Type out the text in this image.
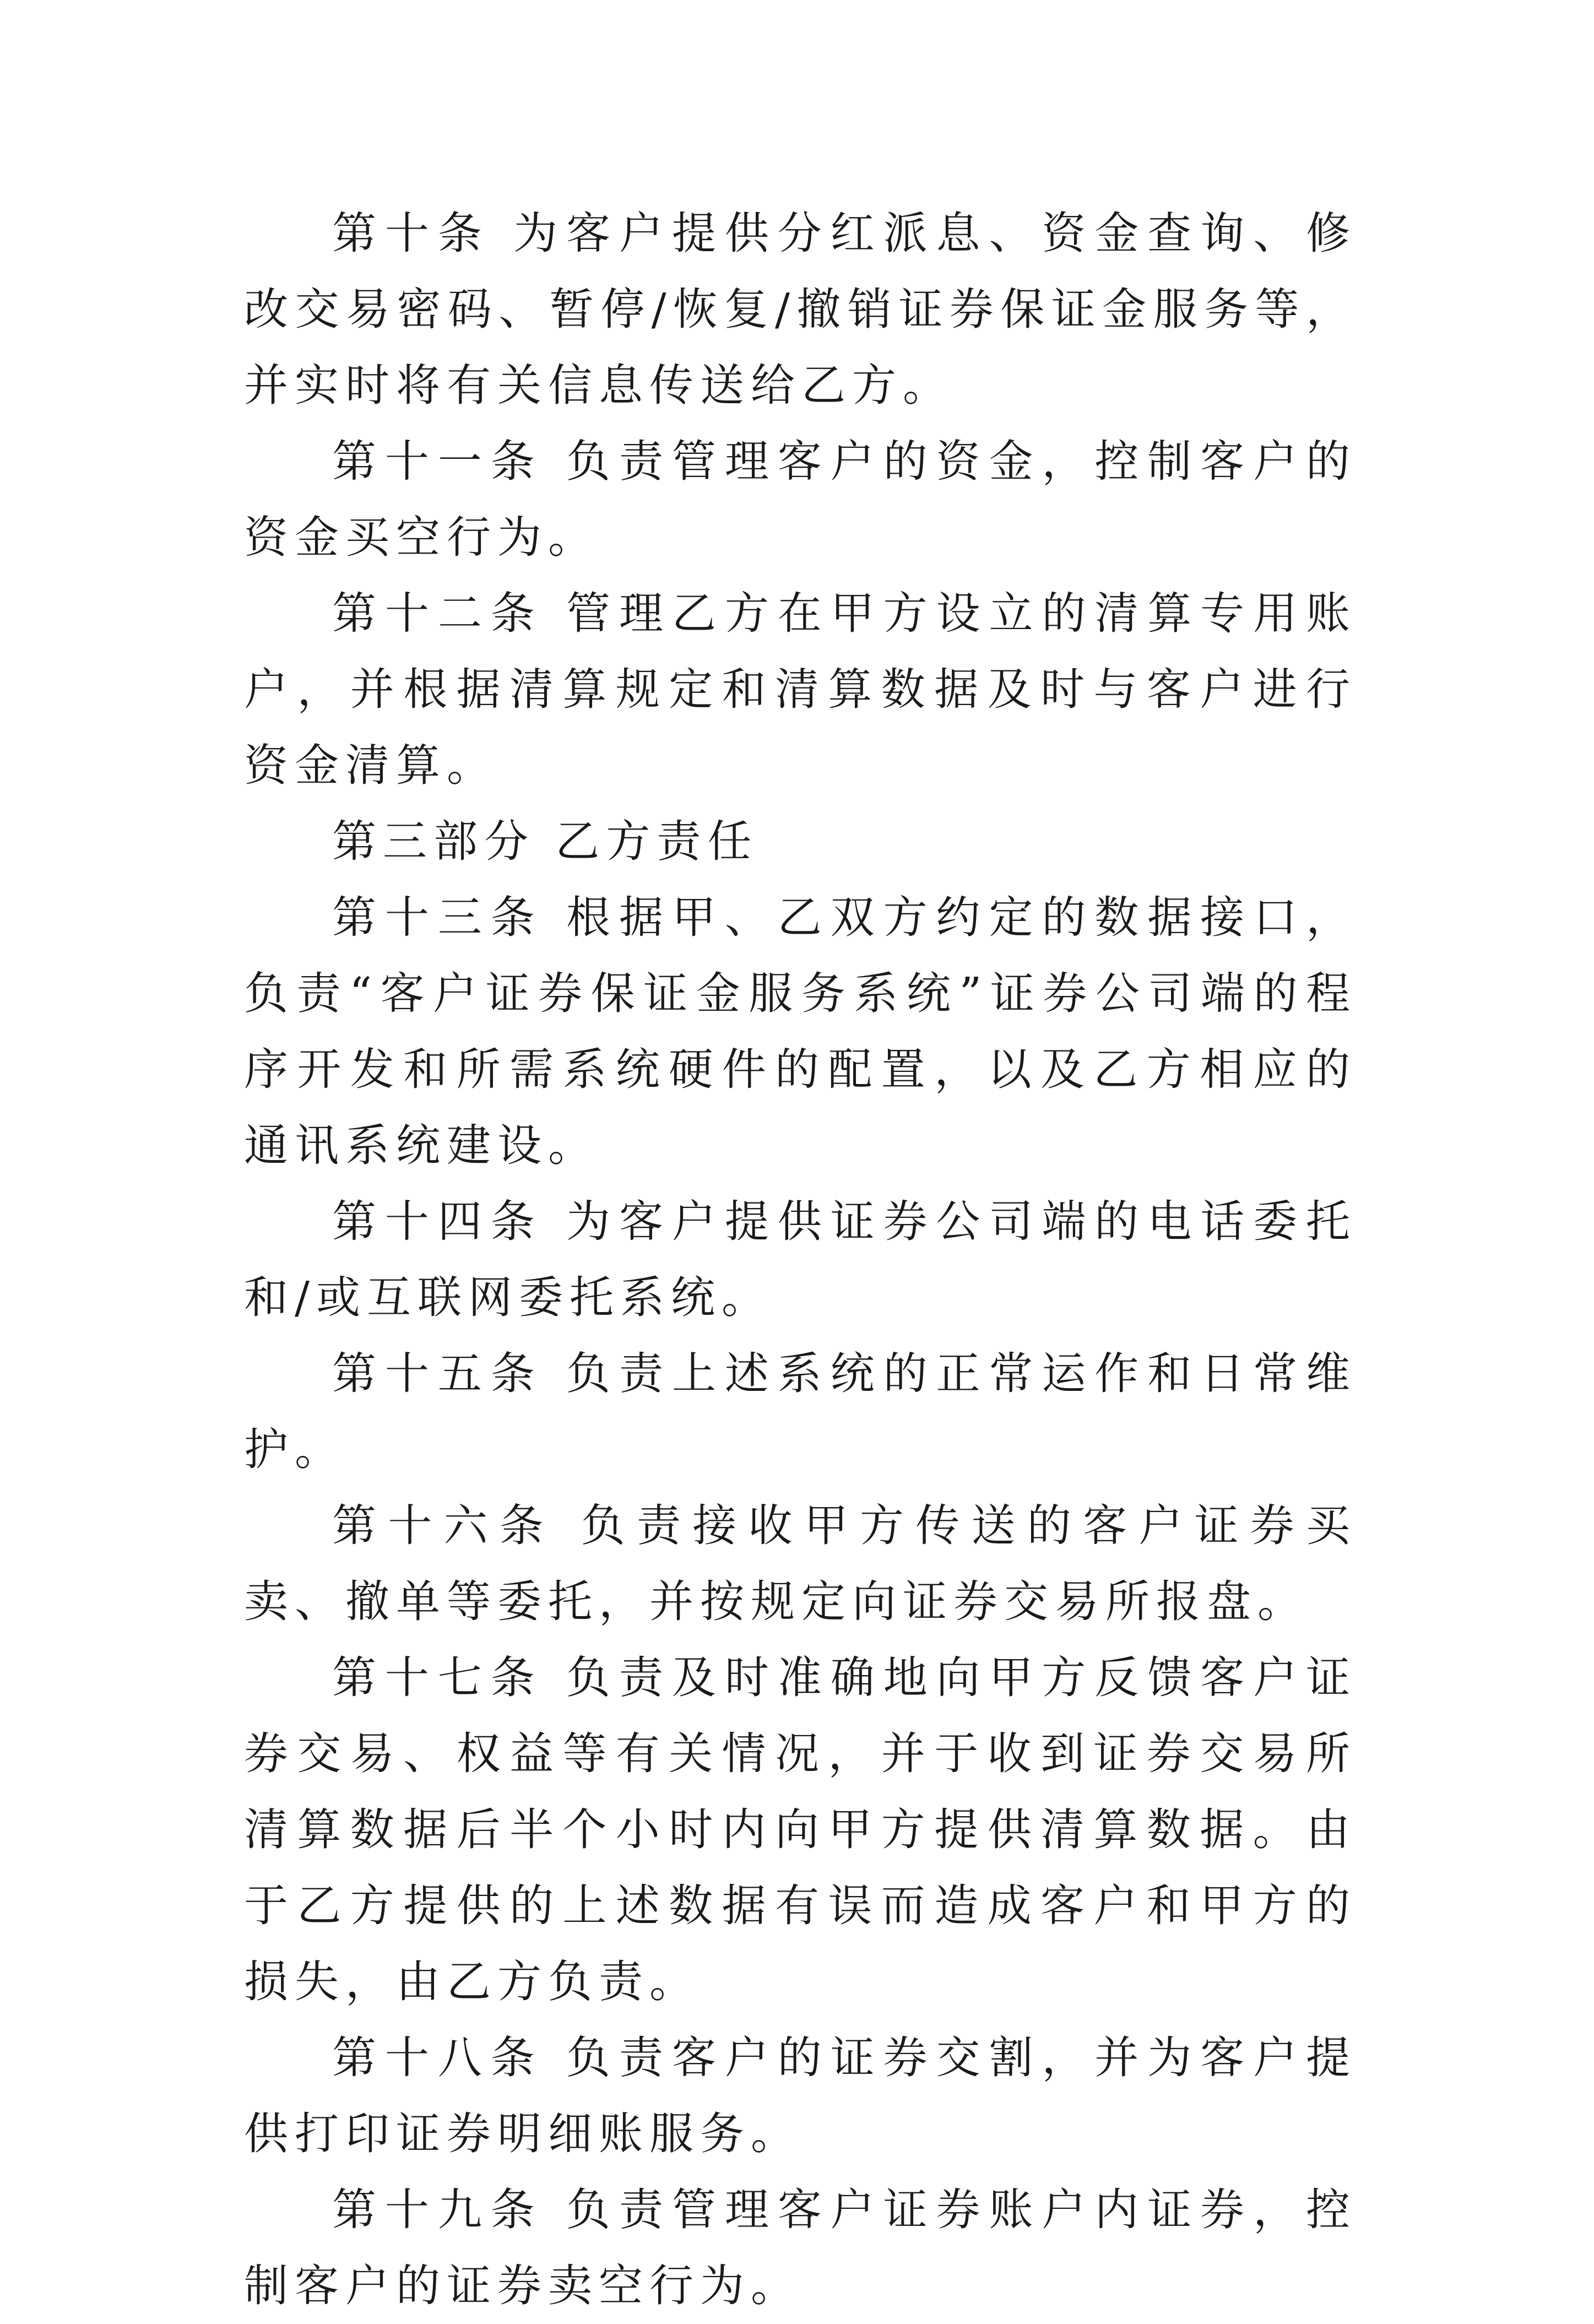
第十条 为客户提供分红派息、资金查询、修改交易密码、暂停/恢复/撤销证券保证金服务等，并实时将有关信息传送给乙方。

第十一条 负责管理客户的资金，控制客户的资金买空行为。

第十二条 管理乙方在甲方设立的清算专用账户，并根据清算规定和清算数据及时与客户进行资金清算。

第三部分 乙方责任

第十三条 根据甲、乙双方约定的数据接口，负责“客户证券保证金服务系统”证券公司端的程序开发和所需系统硬件的配置，以及乙方相应的通讯系统建设。

第十四条 为客户提供证券公司端的电话委托和/或互联网委托系统。

第十五条 负责上述系统的正常运作和日常维护。

第十六条 负责接收甲方传送的客户证券买卖、撤单等委托，并按规定向证券交易所报盘。

第十七条 负责及时准确地向甲方反馈客户证券交易、权益等有关情况，并于收到证券交易所清算数据后半个小时内向甲方提供清算数据。由于乙方提供的上述数据有误而造成客户和甲方的损失，由乙方负责。

第十八条 负责客户的证券交割，并为客户提供打印证券明细账服务。

第十九条 负责管理客户证券账户内证券，控制客户的证券卖空行为。
